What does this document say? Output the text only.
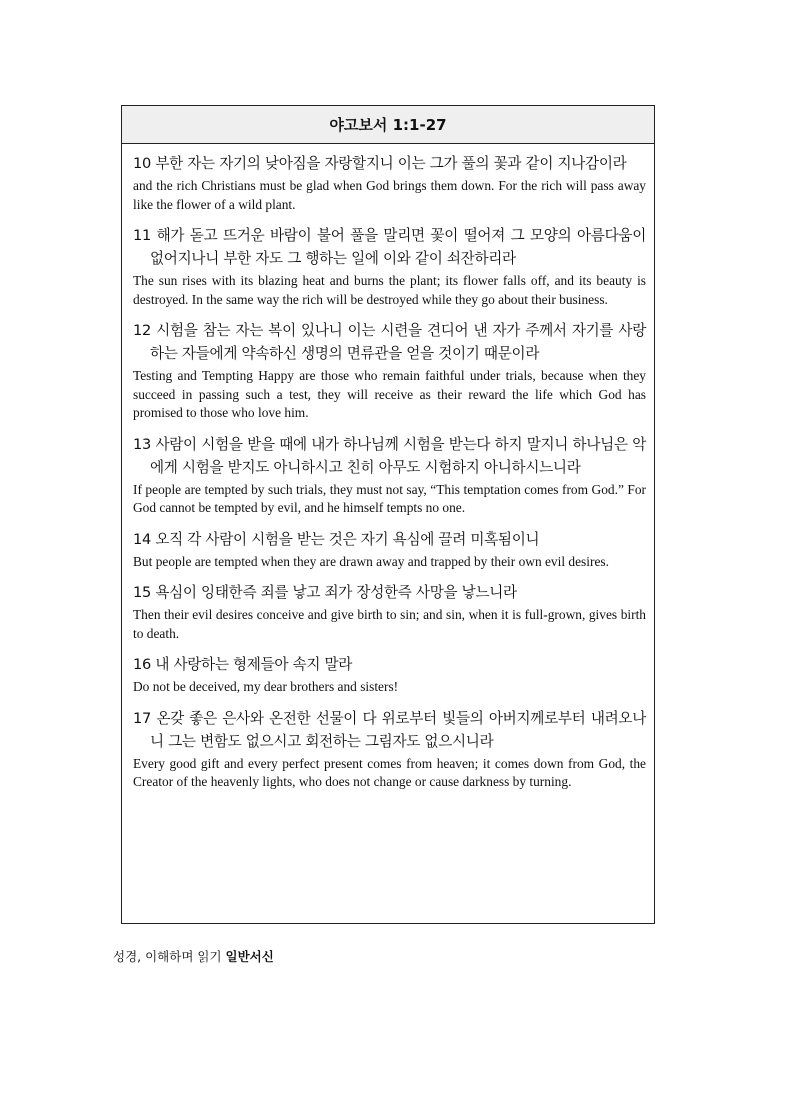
야고보서 1:1-27
10 부한 자는 자기의 낮아짐을 자랑할지니 이는 그가 풀의 꽃과 같이 지나감이라
and the rich Christians must be glad when God brings them down. For the rich will pass away like the flower of a wild plant.
11 해가 돋고 뜨거운 바람이 불어 풀을 말리면 꽃이 떨어져 그 모양의 아름다움이 없어지나니 부한 자도 그 행하는 일에 이와 같이 쇠잔하리라
The sun rises with its blazing heat and burns the plant; its flower falls off, and its beauty is destroyed. In the same way the rich will be destroyed while they go about their business.
12 시험을 참는 자는 복이 있나니 이는 시련을 견디어 낸 자가 주께서 자기를 사랑하는 자들에게 약속하신 생명의 면류관을 얻을 것이기 때문이라
Testing and Tempting Happy are those who remain faithful under trials, because when they succeed in passing such a test, they will receive as their reward the life which God has promised to those who love him.
13 사람이 시험을 받을 때에 내가 하나님께 시험을 받는다 하지 말지니 하나님은 악에게 시험을 받지도 아니하시고 친히 아무도 시험하지 아니하시느니라
If people are tempted by such trials, they must not say, “This temptation comes from God.” For God cannot be tempted by evil, and he himself tempts no one.
14 오직 각 사람이 시험을 받는 것은 자기 욕심에 끌려 미혹됨이니
But people are tempted when they are drawn away and trapped by their own evil desires.
15 욕심이 잉태한즉 죄를 낳고 죄가 장성한즉 사망을 낳느니라
Then their evil desires conceive and give birth to sin; and sin, when it is full-grown, gives birth to death.
16 내 사랑하는 형제들아 속지 말라
Do not be deceived, my dear brothers and sisters!
17 온갖 좋은 은사와 온전한 선물이 다 위로부터 빛들의 아버지께로부터 내려오나니 그는 변함도 없으시고 회전하는 그림자도 없으시니라
Every good gift and every perfect present comes from heaven; it comes down from God, the Creator of the heavenly lights, who does not change or cause darkness by turning.
성경, 이해하며 읽기 일반서신
